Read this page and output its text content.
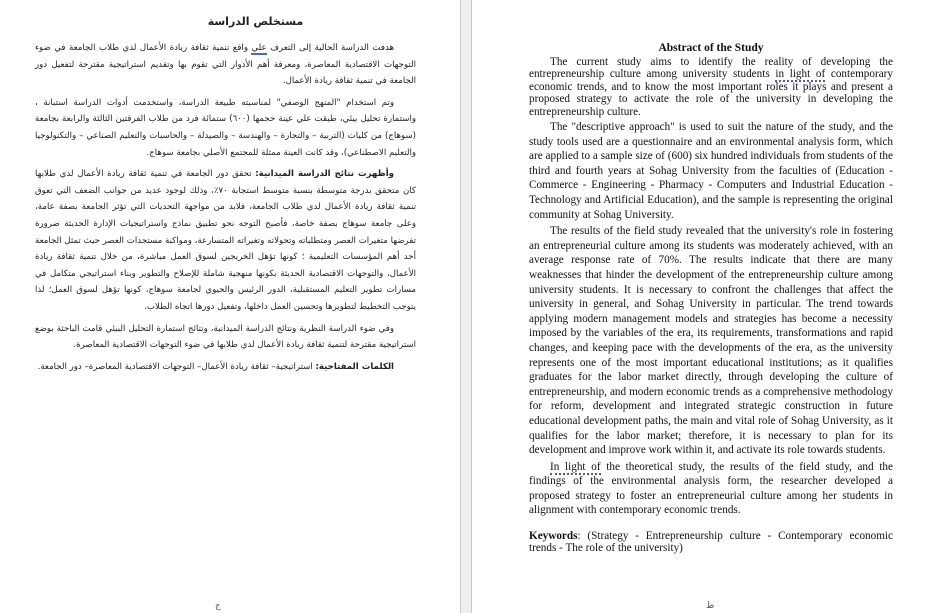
مستخلص الدراسة

هدفت الدراسة الحالية إلى التعرف علي واقع تنمية ثقافة ريادة الأعمال لدي طلاب الجامعة في ضوء التوجهات الاقتصادية المعاصرة، ومعرفة أهم الأدوار التي تقوم بها وتقديم استراتيجية مقترحة لتفعيل دور الجامعة في تنمية ثقافة ريادة الأعمال.

وتم استخدام "المنهج الوصفي" لمناسبته طبيعة الدراسة، واستخدمت أدوات الدراسة استبانة ، واستمارة تحليل بيئي، طبقت علي عينة حجمها (٦٠٠) ستمائة فرد من طلاب الفرقتين الثالثة والرابعة بجامعة (سوهاج) من كليات (التربية – والتجارة – والهندسة – والصيدلة – والحاسبات والتعليم الصناعي – والتكنولوجيا والتعليم الاصطناعي)، وقد كانت العينة ممثلة للمجتمع الأصلي بجامعة سوهاج.

وأظهرت نتائج الدراسة الميدانية: تحقق دور الجامعة في تنمية ثقافة ريادة الأعمال لدي طلابها كان متحقق بدرجة متوسطة بنسبة متوسط استجابة ٧٠٪، وذلك لوجود عديد من جوانب الضعف التي تعوق تنمية ثقافة ريادة الأعمال لدي طلاب الجامعة، فلابد من مواجهة التحديات التي تؤثر الجامعة بصفة عامة، وعلى جامعة سوهاج بصفة خاصة، فأصبح التوجه نحو تطبيق نماذج واستراتيجيات الإدارة الحديثة ضرورة تفرضها متغيرات العصر ومتطلباته وتحولاته وتغيراته المتسارعة، ومواكبة مستجدات العصر حيث تمثل الجامعة أحد أهم المؤسسات التعليمية ؛ كونها تؤهل الخريجين لسوق العمل مباشرة، من خلال تنمية ثقافة ريادة الأعمال، والتوجهات الاقتصادية الحديثة بكونها منهجية شاملة للإصلاح والتطوير وبناء استراتيجي متكامل في مسارات تطوير التعليم المستقبلية، الدور الرئيس والحيوي لجامعة سوهاج، كونها تؤهل لسوق العمل؛ لذا يتوجب التخطيط لتطويرها وتحسين العمل داخلها، وتفعيل دورها اتجاه الطلاب.

وفي ضوء الدراسة النظرية ونتائج الدراسة الميدانية، ونتائج استمارة التحليل البيئي قامت الباحثة بوضع استراتيجية مقترحة لتنمية ثقافة ريادة الأعمال لدي طلابها في ضوء التوجهات الاقتصادية المعاصرة.

الكلمات المفتاحية: استراتيجية– ثقافة ريادة الأعمال– التوجهات الاقتصادية المعاصرة– دور الجامعة.

ج
Abstract of the Study

The current study aims to identify the reality of developing the entrepreneurship culture among university students in light of contemporary economic trends, and to know the most important roles it plays and present a proposed strategy to activate the role of the university in developing the entrepreneurship culture.

The "descriptive approach" is used to suit the nature of the study, and the study tools used are a questionnaire and an environmental analysis form, which are applied to a sample size of (600) six hundred individuals from students of the third and fourth years at Sohag University from the faculties of (Education - Commerce - Engineering - Pharmacy - Computers and Industrial Education - Technology and Artificial Education), and the sample is representing the original community at Sohag University.

The results of the field study revealed that the university's role in fostering an entrepreneurial culture among its students was moderately achieved, with an average response rate of 70%. The results indicate that there are many weaknesses that hinder the development of the entrepreneurship culture among university students. It is necessary to confront the challenges that affect the university in general, and Sohag University in particular. The trend towards applying modern management models and strategies has become a necessity imposed by the variables of the era, its requirements, transformations and rapid changes, and keeping pace with the developments of the era, as the university represents one of the most important educational institutions; as it qualifies graduates for the labor market directly, through developing the culture of entrepreneurship, and modern economic trends as a comprehensive methodology for reform, development and integrated strategic construction in future educational development paths, the main and vital role of Sohag University, as it qualifies for the labor market; therefore, it is necessary to plan for its development and improve work within it, and activate its role towards students.

In light of the theoretical study, the results of the field study, and the findings of the environmental analysis form, the researcher developed a proposed strategy to foster an entrepreneurial culture among her students in alignment with contemporary economic trends.

Keywords: (Strategy - Entrepreneurship culture - Contemporary economic trends - The role of the university)

ط
